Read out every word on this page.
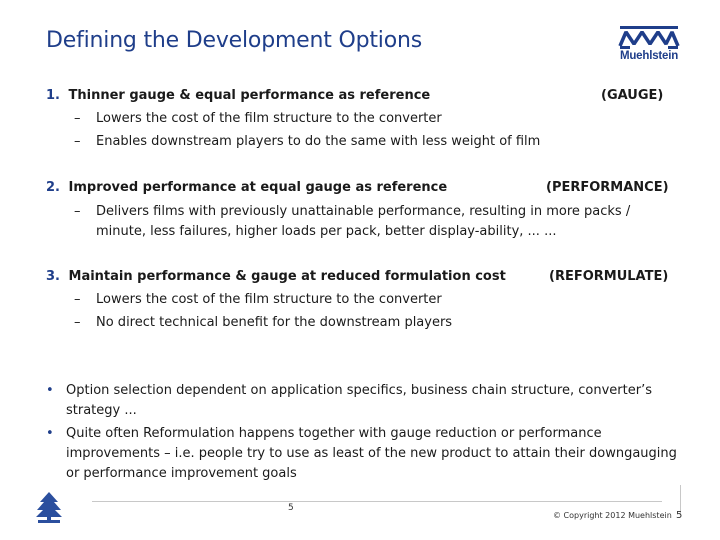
Defining the Development Options
Muehlstein
1. Thinner gauge & equal performance as reference	(GAUGE)
– Lowers the cost of the film structure to the converter
– Enables downstream players to do the same with less weight of film
2. Improved performance at equal gauge as reference	(PERFORMANCE)
– Delivers films with previously unattainable performance, resulting in more packs / minute, less failures, higher loads per pack, better display-ability, ... ...
3. Maintain performance & gauge at reduced formulation cost	(REFORMULATE)
– Lowers the cost of the film structure to the converter
– No direct technical benefit for the downstream players
• Option selection dependent on application specifics, business chain structure, converter’s strategy ...
• Quite often Reformulation happens together with gauge reduction or performance improvements – i.e. people try to use as least of the new product to attain their downgauging or performance improvement goals
5
© Copyright 2012 Muehlstein 5
